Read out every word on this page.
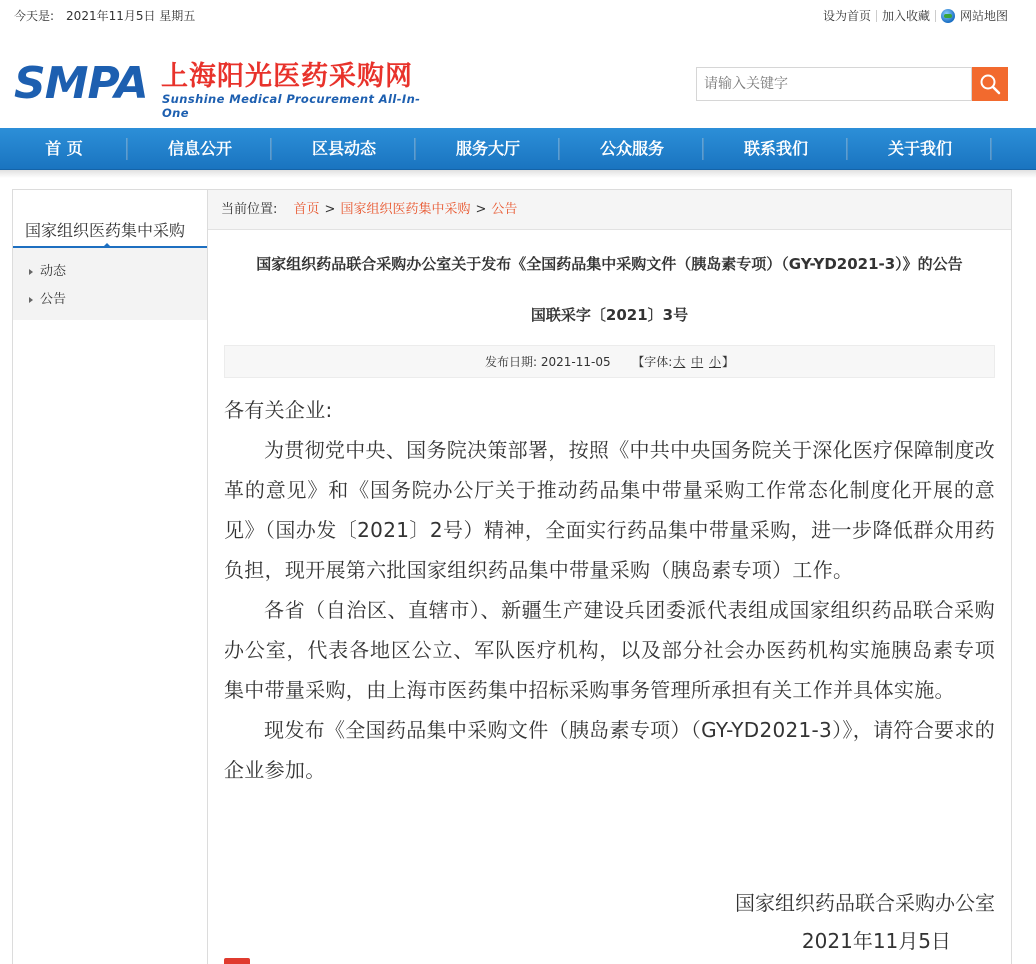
今天是: 2021年11月5日 星期五	设为首页 加入收藏	网站地图
SMPA 上海阳光医药采购网
Sunshine Medical Procurement All-In-One
请输入关键字
首 页	信息公开	区县动态	服务大厅	公众服务	联系我们	关于我们
国家组织医药集中采购
动态
公告
当前位置: 首页 > 国家组织医药集中采购 > 公告
国家组织药品联合采购办公室关于发布《全国药品集中采购文件（胰岛素专项）（GY-YD2021-3）》的公告
国联采字〔2021〕3号
发布日期: 2021-11-05 【字体:大 中 小】

各有关企业:

为贯彻党中央、国务院决策部署，按照《中共中央国务院关于深化医疗保障制度改革的意见》和《国务院办公厅关于推动药品集中带量采购工作常态化制度化开展的意见》（国办发〔2021〕2号）精神，全面实行药品集中带量采购，进一步降低群众用药负担，现开展第六批国家组织药品集中带量采购（胰岛素专项）工作。

各省（自治区、直辖市）、新疆生产建设兵团委派代表组成国家组织药品联合采购办公室，代表各地区公立、军队医疗机构，以及部分社会办医药机构实施胰岛素专项集中带量采购，由上海市医药集中招标采购事务管理所承担有关工作并具体实施。

现发布《全国药品集中采购文件（胰岛素专项）（GY-YD2021-3）》，请符合要求的企业参加。

国家组织药品联合采购办公室
2021年11月5日
